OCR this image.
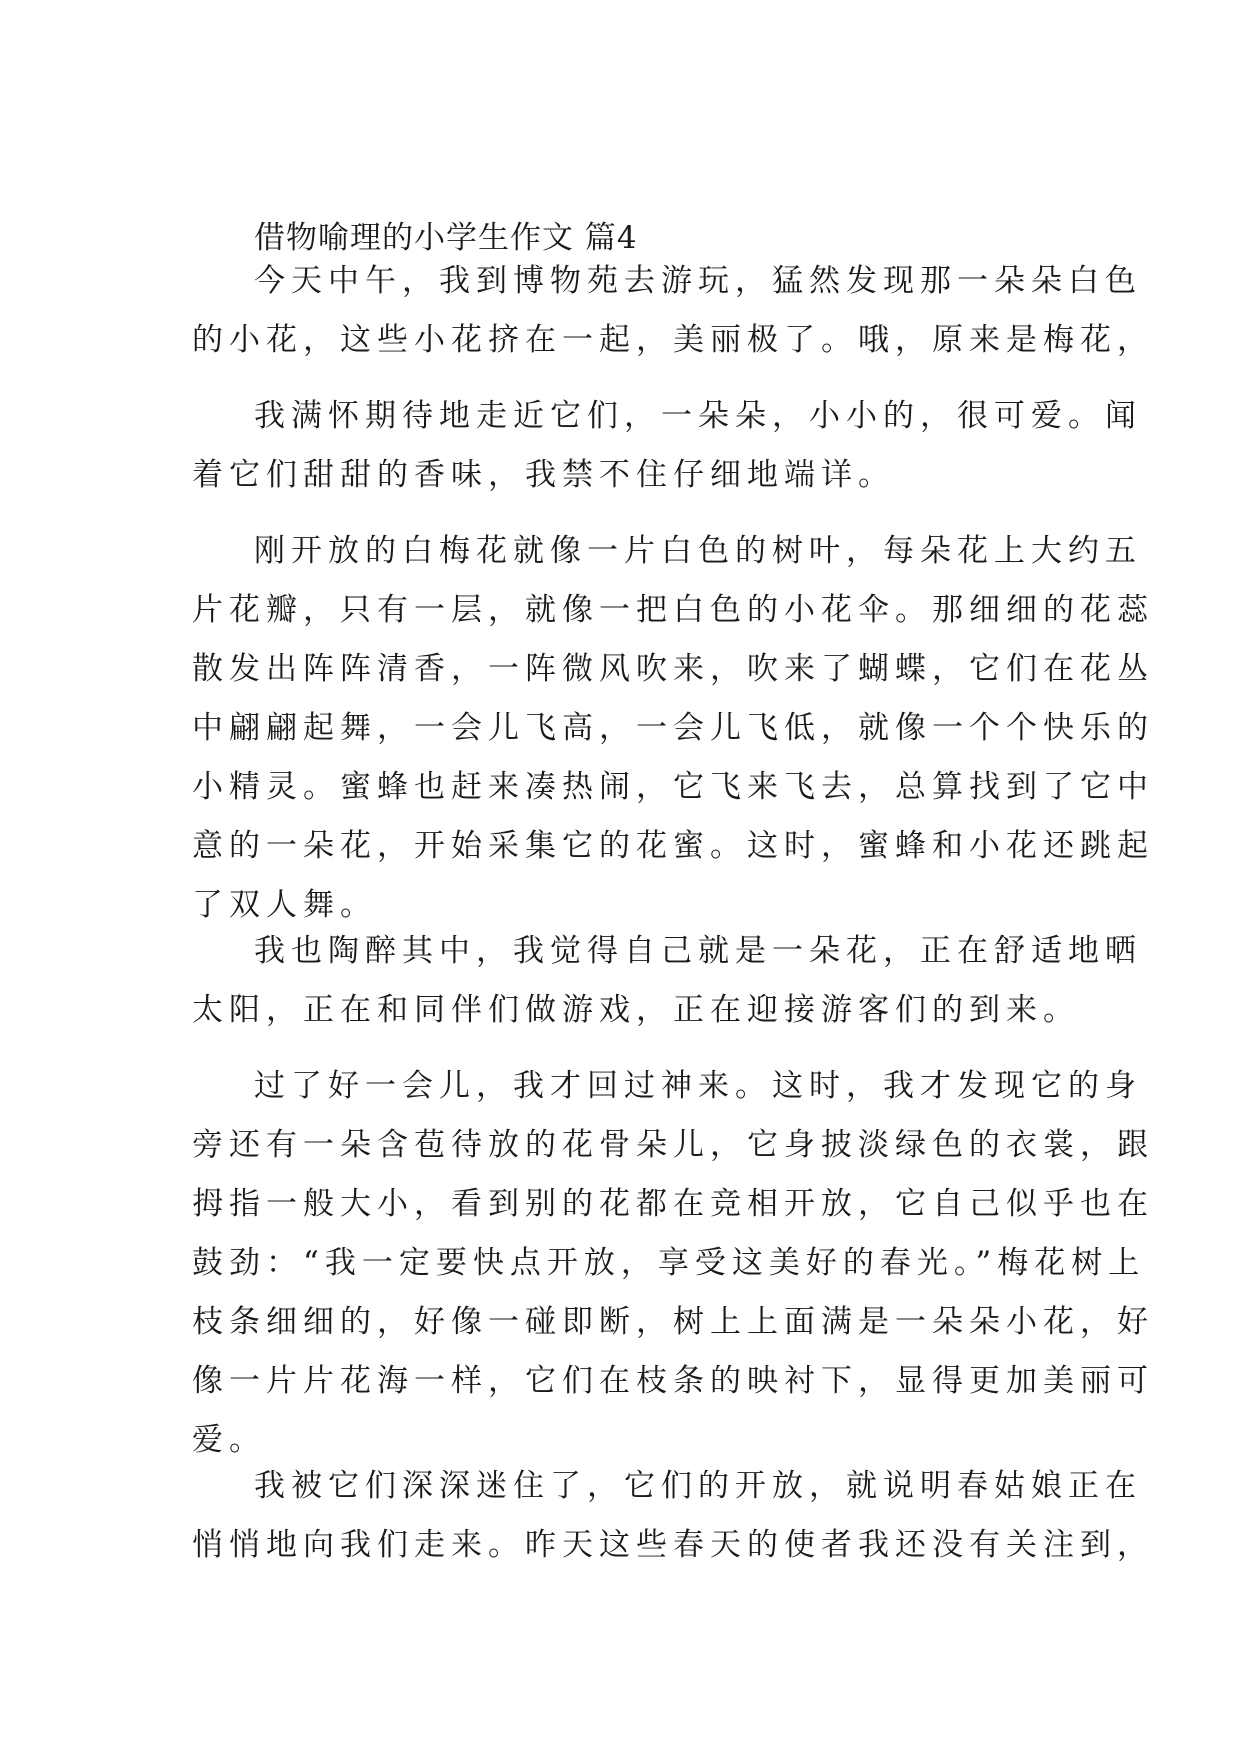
借物喻理的小学生作文 篇4
今天中午，我到博物苑去游玩，猛然发现那一朵朵白色
的小花，这些小花挤在一起，美丽极了。哦，原来是梅花，
我满怀期待地走近它们，一朵朵，小小的，很可爱。闻
着它们甜甜的香味，我禁不住仔细地端详。
刚开放的白梅花就像一片白色的树叶，每朵花上大约五
片花瓣，只有一层，就像一把白色的小花伞。那细细的花蕊
散发出阵阵清香，一阵微风吹来，吹来了蝴蝶，它们在花丛
中翩翩起舞，一会儿飞高，一会儿飞低，就像一个个快乐的
小精灵。蜜蜂也赶来凑热闹，它飞来飞去，总算找到了它中
意的一朵花，开始采集它的花蜜。这时，蜜蜂和小花还跳起
了双人舞。
我也陶醉其中，我觉得自己就是一朵花，正在舒适地晒
太阳，正在和同伴们做游戏，正在迎接游客们的到来。
过了好一会儿，我才回过神来。这时，我才发现它的身
旁还有一朵含苞待放的花骨朵儿，它身披淡绿色的衣裳，跟
拇指一般大小，看到别的花都在竞相开放，它自己似乎也在
鼓劲：“我一定要快点开放，享受这美好的春光。”梅花树上
枝条细细的，好像一碰即断，树上上面满是一朵朵小花，好
像一片片花海一样，它们在枝条的映衬下，显得更加美丽可
爱。
我被它们深深迷住了，它们的开放，就说明春姑娘正在
悄悄地向我们走来。昨天这些春天的使者我还没有关注到，
